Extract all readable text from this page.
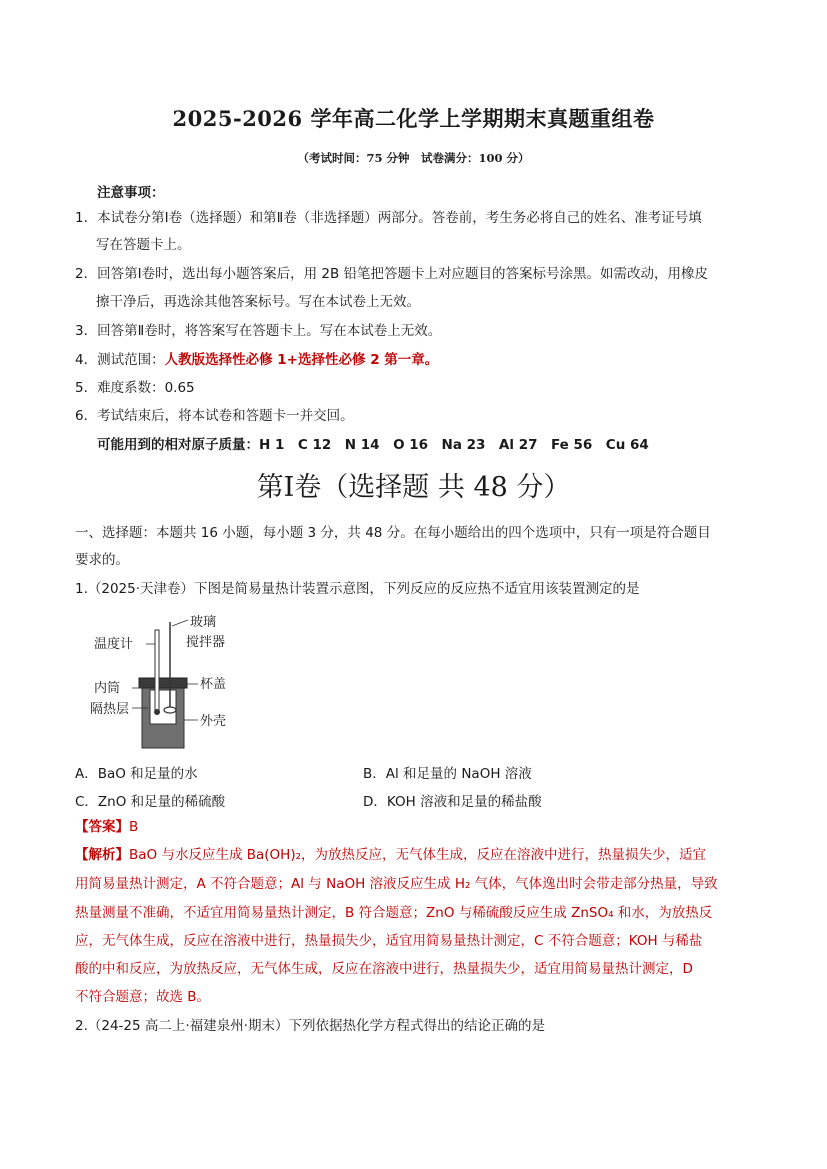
2025-2026 学年高二化学上学期期末真题重组卷
（考试时间：75 分钟　试卷满分：100 分）
注意事项：
1．本试卷分第Ⅰ卷（选择题）和第Ⅱ卷（非选择题）两部分。答卷前，考生务必将自己的姓名、准考证号填
写在答题卡上。
2．回答第Ⅰ卷时，选出每小题答案后，用 2B 铅笔把答题卡上对应题目的答案标号涂黑。如需改动，用橡皮
擦干净后，再选涂其他答案标号。写在本试卷上无效。
3．回答第Ⅱ卷时，将答案写在答题卡上。写在本试卷上无效。
4．测试范围：人教版选择性必修 1+选择性必修 2 第一章。
5．难度系数：0.65
6．考试结束后，将本试卷和答题卡一并交回。
可能用到的相对原子质量：H 1　C 12　N 14　O 16　Na 23　Al 27　Fe 56　Cu 64
第Ⅰ卷（选择题 共 48 分）
一、选择题：本题共 16 小题，每小题 3 分，共 48 分。在每小题给出的四个选项中，只有一项是符合题目
要求的。
1.（2025·天津卷）下图是简易量热计装置示意图，下列反应的反应热不适宜用该装置测定的是
玻璃
搅拌器
温度计
内筒	杯盖
隔热层
外壳
A．BaO 和足量的水	B．Al 和足量的 NaOH 溶液
C．ZnO 和足量的稀硫酸	D．KOH 溶液和足量的稀盐酸
【答案】B
【解析】BaO 与水反应生成 Ba(OH)₂，为放热反应，无气体生成，反应在溶液中进行，热量损失少，适宜
用简易量热计测定，A 不符合题意；Al 与 NaOH 溶液反应生成 H₂ 气体，气体逸出时会带走部分热量，导致
热量测量不准确，不适宜用简易量热计测定，B 符合题意；ZnO 与稀硫酸反应生成 ZnSO₄ 和水，为放热反
应，无气体生成，反应在溶液中进行，热量损失少，适宜用简易量热计测定，C 不符合题意；KOH 与稀盐
酸的中和反应，为放热反应，无气体生成，反应在溶液中进行，热量损失少，适宜用简易量热计测定，D
不符合题意；故选 B。
2.（24-25 高二上·福建泉州·期末）下列依据热化学方程式得出的结论正确的是
